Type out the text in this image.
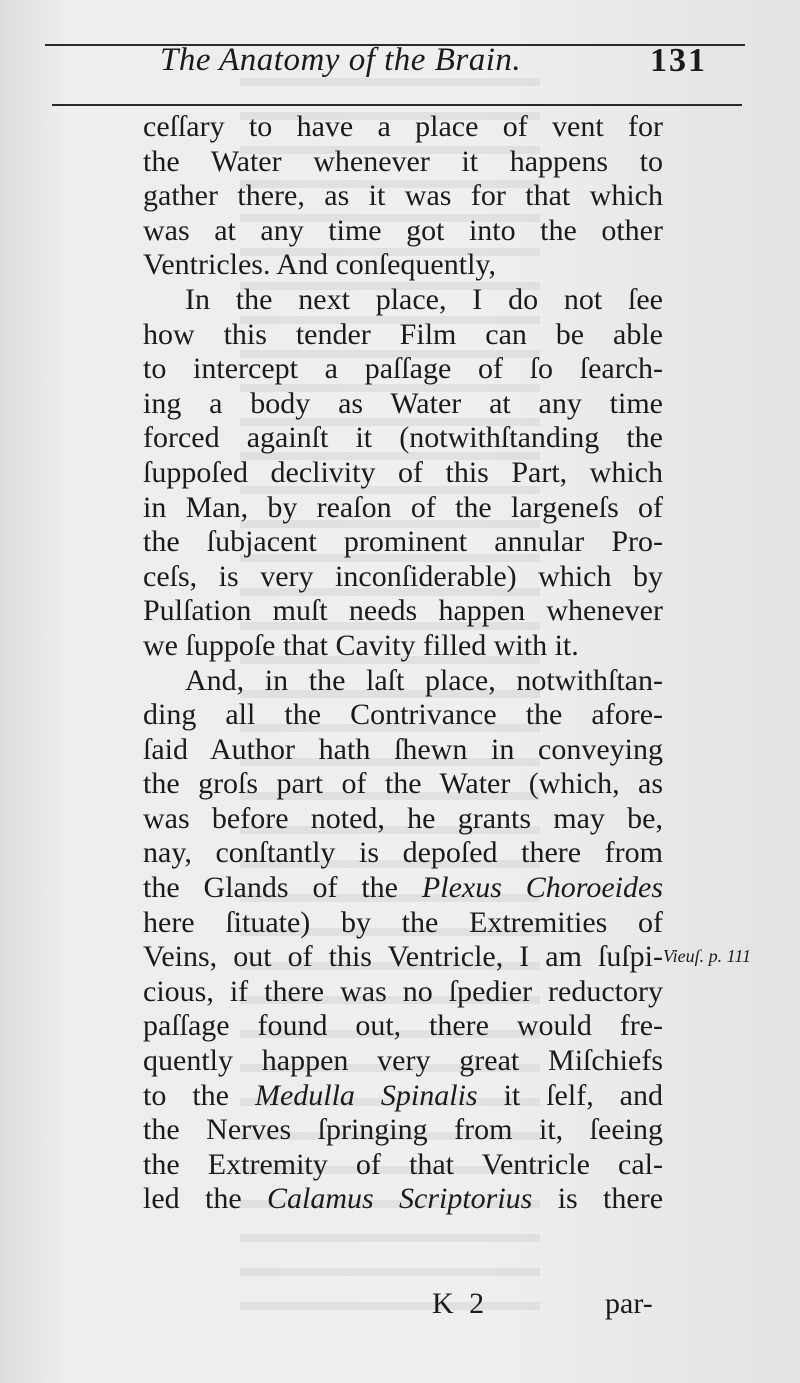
The Anatomy of the Brain.	131
ceſſary to have a place of vent for
the Water whenever it happens to
gather there, as it was for that which
was at any time got into the other
Ventricles. And conſequently,
In the next place, I do not ſee
how this tender Film can be able
to intercept a paſſage of ſo ſearch-
ing a body as Water at any time
forced againſt it (notwithſtanding the
ſuppoſed declivity of this Part, which
in Man, by reaſon of the largeneſs of
the ſubjacent prominent annular Pro-
ceſs, is very inconſiderable) which by
Pulſation muſt needs happen whenever
we ſuppoſe that Cavity filled with it.
And, in the laſt place, notwithſtan-
ding all the Contrivance the afore-
ſaid Author hath ſhewn in conveying
the groſs part of the Water (which, as
was before noted, he grants may be,
nay, conſtantly is depoſed there from
the Glands of the Plexus Choroeides
here ſituate) by the Extremities of
Veins, out of this Ventricle, I am ſuſpi-
cious, if there was no ſpedier reductory
paſſage found out, there would fre-
quently happen very great Miſchiefs
to the Medulla Spinalis it ſelf, and
the Nerves ſpringing from it, ſeeing
the Extremity of that Ventricle cal-
led the Calamus Scriptorius is there
Vieuſ. p. 111
K 2	par-
